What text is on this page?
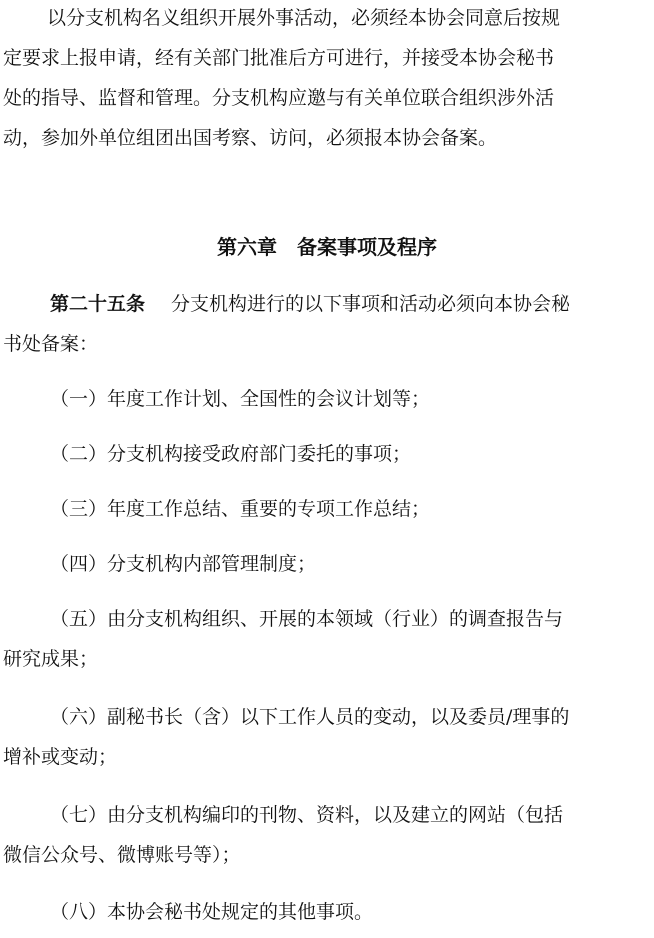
以分支机构名义组织开展外事活动，必须经本协会同意后按规
定要求上报申请，经有关部门批准后方可进行，并接受本协会秘书
处的指导、监督和管理。分支机构应邀与有关单位联合组织涉外活
动，参加外单位组团出国考察、访问，必须报本协会备案。
第六章　备案事项及程序
第二十五条 分支机构进行的以下事项和活动必须向本协会秘
书处备案：
（一）年度工作计划、全国性的会议计划等；
（二）分支机构接受政府部门委托的事项；
（三）年度工作总结、重要的专项工作总结；
（四）分支机构内部管理制度；
（五）由分支机构组织、开展的本领域（行业）的调查报告与
研究成果；
（六）副秘书长（含）以下工作人员的变动，以及委员/理事的
增补或变动；
（七）由分支机构编印的刊物、资料，以及建立的网站（包括
微信公众号、微博账号等）；
（八）本协会秘书处规定的其他事项。
